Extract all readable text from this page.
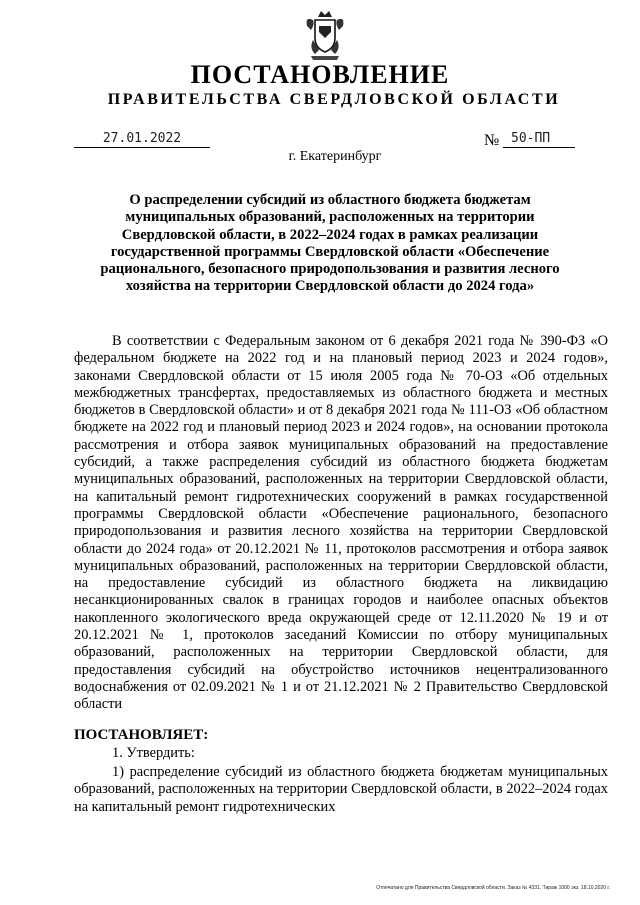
ПОСТАНОВЛЕНИЕ
ПРАВИТЕЛЬСТВА СВЕРДЛОВСКОЙ ОБЛАСТИ
27.01.2022	№ 50-ПП
г. Екатеринбург
О распределении субсидий из областного бюджета бюджетам муниципальных образований, расположенных на территории Свердловской области, в 2022–2024 годах в рамках реализации государственной программы Свердловской области «Обеспечение рационального, безопасного природопользования и развития лесного хозяйства на территории Свердловской области до 2024 года»
В соответствии с Федеральным законом от 6 декабря 2021 года № 390-ФЗ «О федеральном бюджете на 2022 год и на плановый период 2023 и 2024 годов», законами Свердловской области от 15 июля 2005 года № 70-ОЗ «Об отдельных межбюджетных трансфертах, предоставляемых из областного бюджета и местных бюджетов в Свердловской области» и от 8 декабря 2021 года № 111-ОЗ «Об областном бюджете на 2022 год и плановый период 2023 и 2024 годов», на основании протокола рассмотрения и отбора заявок муниципальных образований на предоставление субсидий, а также распределения субсидий из областного бюджета бюджетам муниципальных образований, расположенных на территории Свердловской области, на капитальный ремонт гидротехнических сооружений в рамках государственной программы Свердловской области «Обеспечение рационального, безопасного природопользования и развития лесного хозяйства на территории Свердловской области до 2024 года» от 20.12.2021 № 11, протоколов рассмотрения и отбора заявок муниципальных образований, расположенных на территории Свердловской области, на предоставление субсидий из областного бюджета на ликвидацию несанкционированных свалок в границах городов и наиболее опасных объектов накопленного экологического вреда окружающей среде от 12.11.2020 № 19 и от 20.12.2021 № 1, протоколов заседаний Комиссии по отбору муниципальных образований, расположенных на территории Свердловской области, для предоставления субсидий на обустройство источников нецентрализованного водоснабжения от 02.09.2021 № 1 и от 21.12.2021 № 2 Правительство Свердловской области
ПОСТАНОВЛЯЕТ:
1. Утвердить:
1) распределение субсидий из областного бюджета бюджетам муниципальных образований, расположенных на территории Свердловской области, в 2022–2024 годах на капитальный ремонт гидротехнических
Отпечатано для Правительства Свердловской области. Заказ № 4331. Тираж 1000 экз. 18.10.2020 г.
